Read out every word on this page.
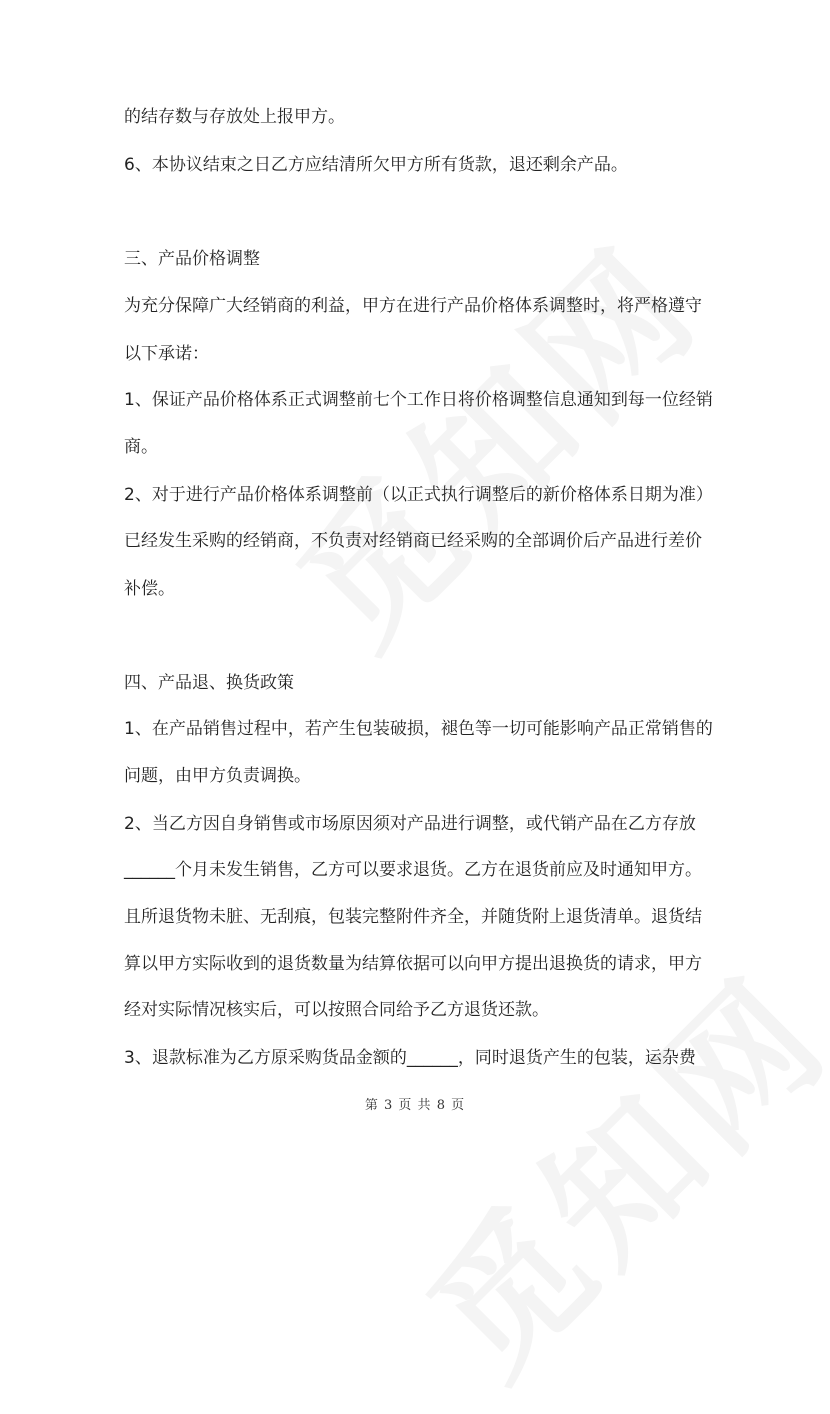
的结存数与存放处上报甲方。
6、本协议结束之日乙方应结清所欠甲方所有货款，退还剩余产品。
三、产品价格调整
为充分保障广大经销商的利益，甲方在进行产品价格体系调整时，将严格遵守
以下承诺：
1、保证产品价格体系正式调整前七个工作日将价格调整信息通知到每一位经销
商。
2、对于进行产品价格体系调整前（以正式执行调整后的新价格体系日期为准）
已经发生采购的经销商，不负责对经销商已经采购的全部调价后产品进行差价
补偿。
四、产品退、换货政策
1、在产品销售过程中，若产生包装破损，褪色等一切可能影响产品正常销售的
问题，由甲方负责调换。
2、当乙方因自身销售或市场原因须对产品进行调整，或代销产品在乙方存放
______个月未发生销售，乙方可以要求退货。乙方在退货前应及时通知甲方。
且所退货物未脏、无刮痕，包装完整附件齐全，并随货附上退货清单。退货结
算以甲方实际收到的退货数量为结算依据可以向甲方提出退换货的请求，甲方
经对实际情况核实后，可以按照合同给予乙方退货还款。
3、退款标准为乙方原采购货品金额的______，同时退货产生的包装，运杂费
第 3 页 共 8 页
